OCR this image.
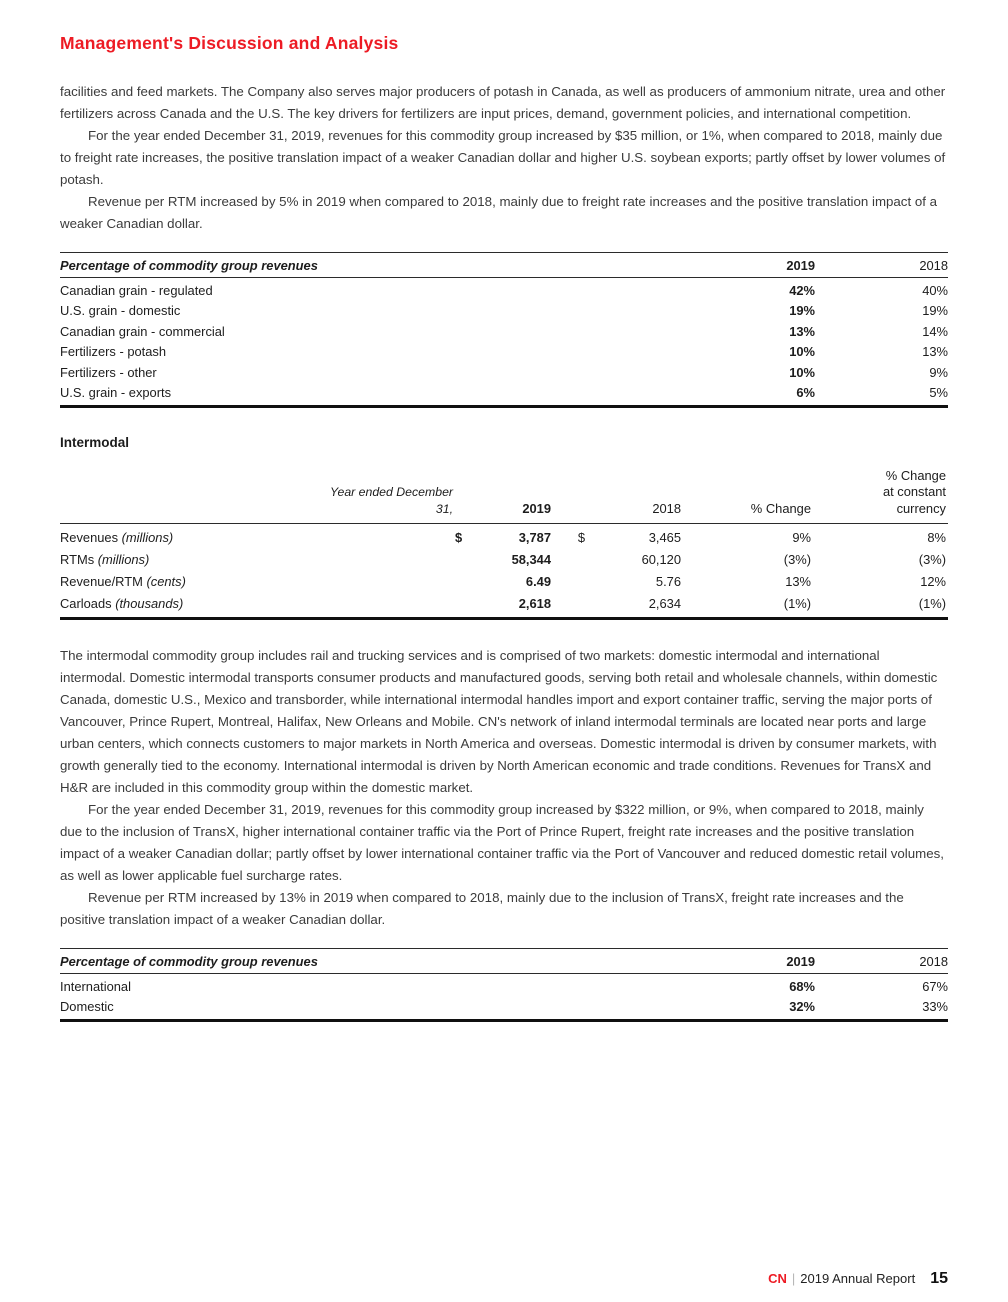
Management's Discussion and Analysis

facilities and feed markets. The Company also serves major producers of potash in Canada, as well as producers of ammonium nitrate, urea and other fertilizers across Canada and the U.S. The key drivers for fertilizers are input prices, demand, government policies, and international competition.

For the year ended December 31, 2019, revenues for this commodity group increased by $35 million, or 1%, when compared to 2018, mainly due to freight rate increases, the positive translation impact of a weaker Canadian dollar and higher U.S. soybean exports; partly offset by lower volumes of potash.

Revenue per RTM increased by 5% in 2019 when compared to 2018, mainly due to freight rate increases and the positive translation impact of a weaker Canadian dollar.

Percentage of commodity group revenues	2019	2018
Canadian grain - regulated	42%	40%
U.S. grain - domestic	19%	19%
Canadian grain - commercial	13%	14%
Fertilizers - potash	10%	13%
Fertilizers - other	10%	9%
U.S. grain - exports	6%	5%
Intermodal
	Year ended December 31,		2019		2018	% Change	% Change
at constant
currency

Revenues (millions)		$	3,787	$	3,465	9%	8%
RTMs (millions)			58,344		60,120	(3%)	(3%)
Revenue/RTM (cents)			6.49		5.76	13%	12%
Carloads (thousands)			2,618		2,634	(1%)	(1%)

The intermodal commodity group includes rail and trucking services and is comprised of two markets: domestic intermodal and international intermodal. Domestic intermodal transports consumer products and manufactured goods, serving both retail and wholesale channels, within domestic Canada, domestic U.S., Mexico and transborder, while international intermodal handles import and export container traffic, serving the major ports of Vancouver, Prince Rupert, Montreal, Halifax, New Orleans and Mobile. CN's network of inland intermodal terminals are located near ports and large urban centers, which connects customers to major markets in North America and overseas. Domestic intermodal is driven by consumer markets, with growth generally tied to the economy. International intermodal is driven by North American economic and trade conditions. Revenues for TransX and H&R are included in this commodity group within the domestic market.

For the year ended December 31, 2019, revenues for this commodity group increased by $322 million, or 9%, when compared to 2018, mainly due to the inclusion of TransX, higher international container traffic via the Port of Prince Rupert, freight rate increases and the positive translation impact of a weaker Canadian dollar; partly offset by lower international container traffic via the Port of Vancouver and reduced domestic retail volumes, as well as lower applicable fuel surcharge rates.

Revenue per RTM increased by 13% in 2019 when compared to 2018, mainly due to the inclusion of TransX, freight rate increases and the positive translation impact of a weaker Canadian dollar.

Percentage of commodity group revenues	2019	2018
International	68%	67%
Domestic	32%	33%
CN | 2019 Annual Report 15
